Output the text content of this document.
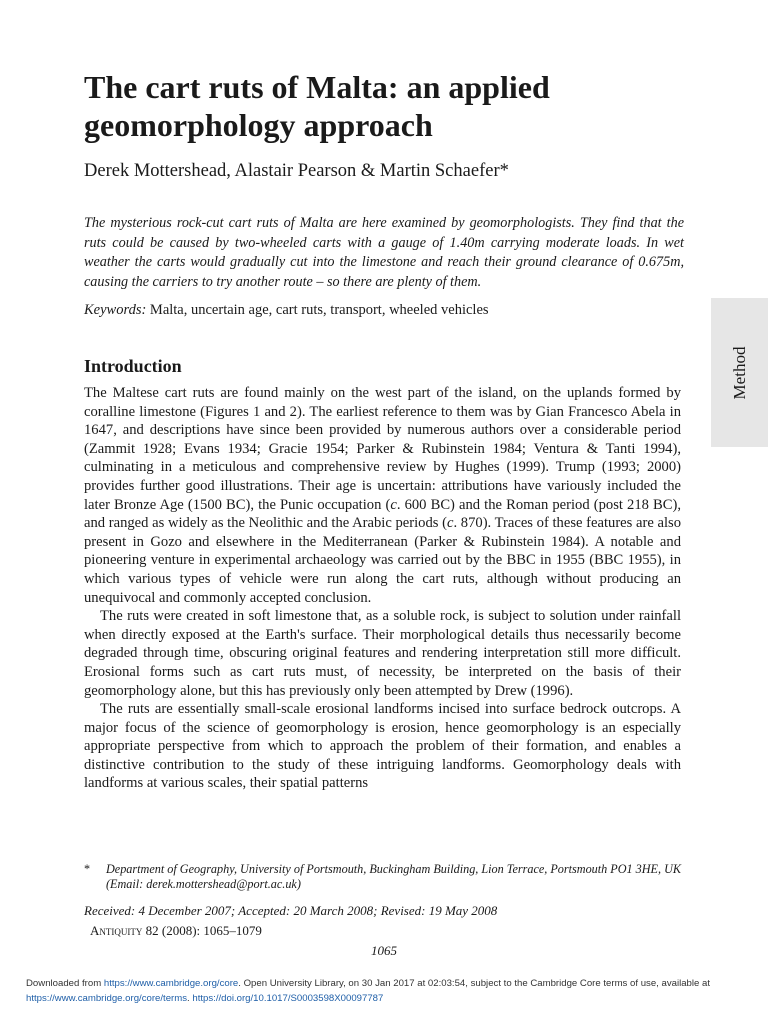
The cart ruts of Malta: an applied
geomorphology approach
Derek Mottershead, Alastair Pearson & Martin Schaefer*

The mysterious rock-cut cart ruts of Malta are here examined by geomorphologists. They find that the ruts could be caused by two-wheeled carts with a gauge of 1.40m carrying moderate loads. In wet weather the carts would gradually cut into the limestone and reach their ground clearance of 0.675m, causing the carriers to try another route – so there are plenty of them.

Keywords: Malta, uncertain age, cart ruts, transport, wheeled vehicles
Method
Introduction

The Maltese cart ruts are found mainly on the west part of the island, on the uplands formed by coralline limestone (Figures 1 and 2). The earliest reference to them was by Gian Francesco Abela in 1647, and descriptions have since been provided by numerous authors over a considerable period (Zammit 1928; Evans 1934; Gracie 1954; Parker & Rubinstein 1984; Ventura & Tanti 1994), culminating in a meticulous and comprehensive review by Hughes (1999). Trump (1993; 2000) provides further good illustrations. Their age is uncertain: attributions have variously included the later Bronze Age (1500 BC), the Punic occupation (c. 600 BC) and the Roman period (post 218 BC), and ranged as widely as the Neolithic and the Arabic periods (c. 870). Traces of these features are also present in Gozo and elsewhere in the Mediterranean (Parker & Rubinstein 1984). A notable and pioneering venture in experimental archaeology was carried out by the BBC in 1955 (BBC 1955), in which various types of vehicle were run along the cart ruts, although without producing an unequivocal and commonly accepted conclusion.

The ruts were created in soft limestone that, as a soluble rock, is subject to solution under rainfall when directly exposed at the Earth's surface. Their morphological details thus necessarily become degraded through time, obscuring original features and rendering interpretation still more difficult. Erosional forms such as cart ruts must, of necessity, be interpreted on the basis of their geomorphology alone, but this has previously only been attempted by Drew (1996).

The ruts are essentially small-scale erosional landforms incised into surface bedrock outcrops. A major focus of the science of geomorphology is erosion, hence geomorphology is an especially appropriate perspective from which to approach the problem of their formation, and enables a distinctive contribution to the study of these intriguing landforms. Geomorphology deals with landforms at various scales, their spatial patterns

*	Department of Geography, University of Portsmouth, Buckingham Building, Lion Terrace, Portsmouth PO1 3HE, UK (Email: derek.mottershead@port.ac.uk)
Received: 4 December 2007; Accepted: 20 March 2008; Revised: 19 May 2008
Antiquity 82 (2008): 1065–1079
1065
Downloaded from https://www.cambridge.org/core. Open University Library, on 30 Jan 2017 at 02:03:54, subject to the Cambridge Core terms of use, available at https://www.cambridge.org/core/terms. https://doi.org/10.1017/S0003598X00097787
